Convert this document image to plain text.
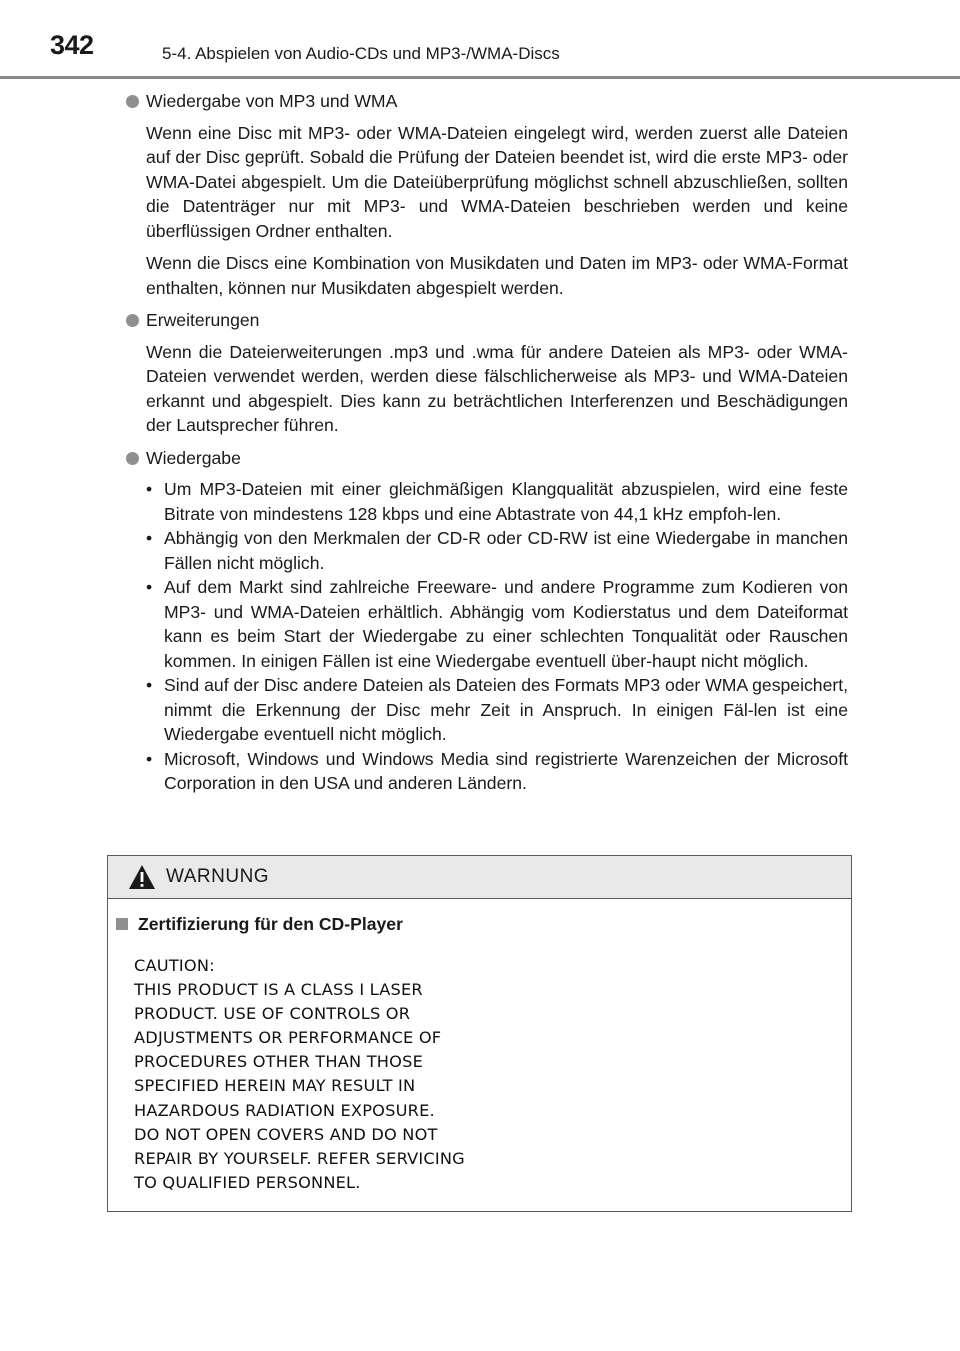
342	5-4. Abspielen von Audio-CDs und MP3-/WMA-Discs
Wiedergabe von MP3 und WMA

Wenn eine Disc mit MP3- oder WMA-Dateien eingelegt wird, werden zuerst alle Dateien auf der Disc geprüft. Sobald die Prüfung der Dateien beendet ist, wird die erste MP3- oder WMA-Datei abgespielt. Um die Dateiüberprüfung möglichst schnell abzuschließen, sollten die Datenträger nur mit MP3- und WMA-Dateien beschrieben werden und keine überflüssigen Ordner enthalten.

Wenn die Discs eine Kombination von Musikdaten und Daten im MP3- oder WMA-Format enthalten, können nur Musikdaten abgespielt werden.

Erweiterungen

Wenn die Dateierweiterungen .mp3 und .wma für andere Dateien als MP3- oder WMA-Dateien verwendet werden, werden diese fälschlicherweise als MP3- und WMA-Dateien erkannt und abgespielt. Dies kann zu beträchtlichen Interferenzen und Beschädigungen der Lautsprecher führen.

Wiedergabe
• Um MP3-Dateien mit einer gleichmäßigen Klangqualität abzuspielen, wird eine feste Bitrate von mindestens 128 kbps und eine Abtastrate von 44,1 kHz empfoh-len.
• Abhängig von den Merkmalen der CD-R oder CD-RW ist eine Wiedergabe in manchen Fällen nicht möglich.
• Auf dem Markt sind zahlreiche Freeware- und andere Programme zum Kodieren von MP3- und WMA-Dateien erhältlich. Abhängig vom Kodierstatus und dem Dateiformat kann es beim Start der Wiedergabe zu einer schlechten Tonqualität oder Rauschen kommen. In einigen Fällen ist eine Wiedergabe eventuell über-haupt nicht möglich.
• Sind auf der Disc andere Dateien als Dateien des Formats MP3 oder WMA gespeichert, nimmt die Erkennung der Disc mehr Zeit in Anspruch. In einigen Fäl-len ist eine Wiedergabe eventuell nicht möglich.
• Microsoft, Windows und Windows Media sind registrierte Warenzeichen der Microsoft Corporation in den USA und anderen Ländern.
WARNUNG
Zertifizierung für den CD-Player
CAUTION:
THIS PRODUCT IS A CLASS I LASER
PRODUCT. USE OF CONTROLS OR
ADJUSTMENTS OR PERFORMANCE OF
PROCEDURES OTHER THAN THOSE
SPECIFIED HEREIN MAY RESULT IN
HAZARDOUS RADIATION EXPOSURE.
DO NOT OPEN COVERS AND DO NOT
REPAIR BY YOURSELF. REFER SERVICING
TO QUALIFIED PERSONNEL.
